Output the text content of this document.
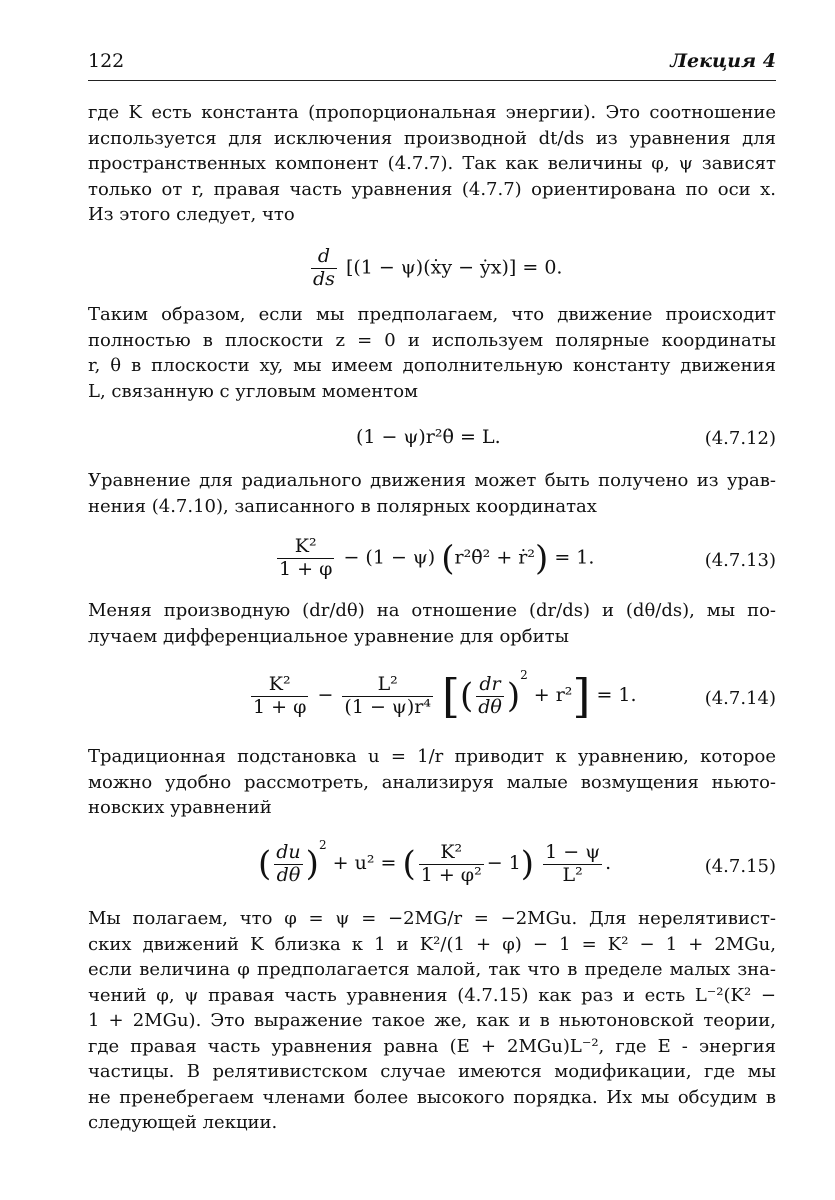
122	Лекция 4
где K есть константа (пропорциональная энергии). Это соотношение
используется для исключения производной dt/ds из уравнения для
пространственных компонент (4.7.7). Так как величины φ, ψ зависят
только от r, правая часть уравнения (4.7.7) ориентирована по оси x.
Из этого следует, что
$\frac{d}{ds} [(1$ − ψ)(ẋy − ẏx)] = 0.
Таким образом, если мы предполагаем, что движение происходит
полностью в плоскости z = 0 и используем полярные координаты
r, θ в плоскости xy, мы имеем дополнительную константу движения
L, связанную с угловым моментом
(1 − ψ)r²θ̇ = L.	(4.7.12)
Уравнение для радиального движения может быть получено из урав-
нения (4.7.10), записанного в полярных координатах
$\frac{\text{K²}}{1 + \varphi} - (1 - \psi)$ (r²θ̇² + ṙ²) = 1.	(4.7.13)
Меняя производную (dr/dθ) на отношение (dr/ds) и (dθ/ds), мы по-
лучаем дифференциальное уравнение для орбиты
$\frac{\text{K²}}{1 + \varphi} - \frac{\text{L²}}{\text{(1 − ψ)r⁴}}$ [( $\frac{dr}{d\theta} )^2 + r^2] = 1$.	(4.7.14)
Традиционная подстановка u = 1/r приводит к уравнению, которое
можно удобно рассмотреть, анализируя малые возмущения ньюто-
новских уравнений
( $\frac{du}{d\theta} )^2 + u^2$ = ( $\frac{\text{K²}}{\text{1 + φ²}} - 1) \frac{1 - \psi}{\text{L²}}$ .	(4.7.15)
Мы полагаем, что φ = ψ = −2MG/r = −2MGu. Для нерелятивист-
ских движений K близка к 1 и K²/(1 + φ) − 1 = K² − 1 + 2MGu,
если величина φ предполагается малой, так что в пределе малых зна-
чений φ, ψ правая часть уравнения (4.7.15) как раз и есть L⁻²(K² −
1 + 2MGu). Это выражение такое же, как и в ньютоновской теории,
где правая часть уравнения равна (E + 2MGu)L⁻², где E - энергия
частицы. В релятивистском случае имеются модификации, где мы
не пренебрегаем членами более высокого порядка. Их мы обсудим в
следующей лекции.
